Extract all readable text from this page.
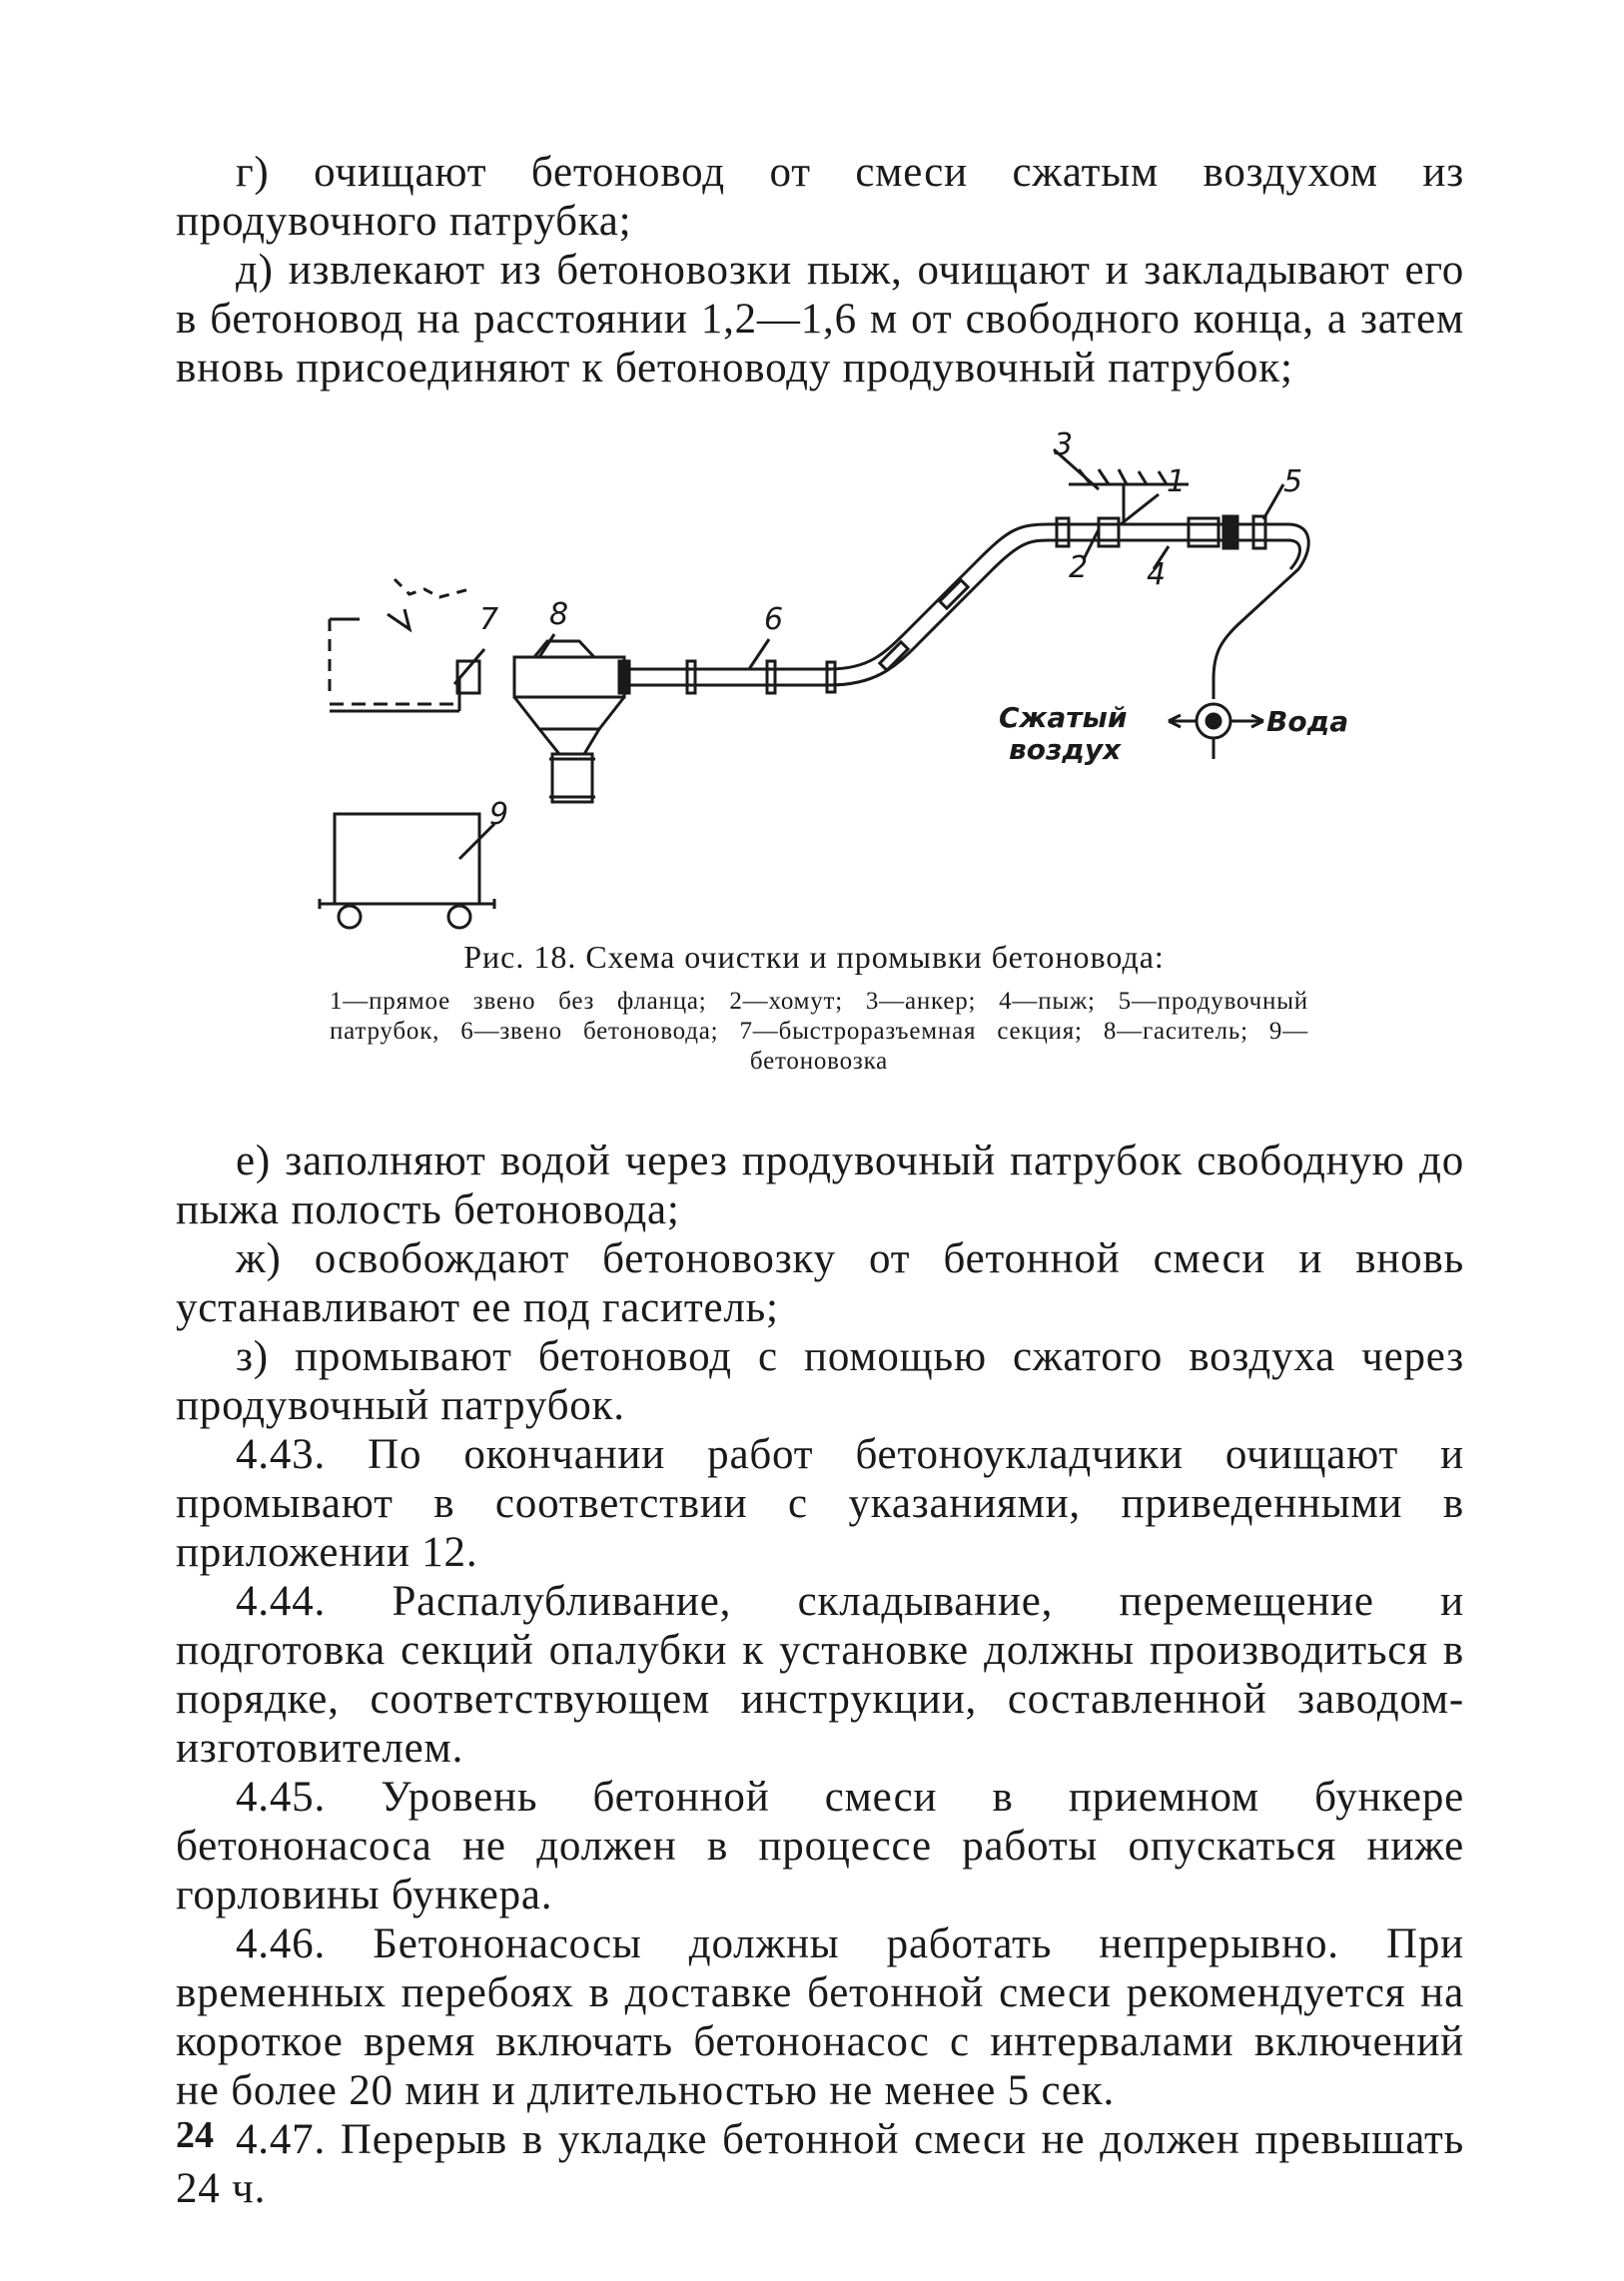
г) очищают бетоновод от смеси сжатым воздухом из продувочного патрубка;

д) извлекают из бетоновозки пыж, очищают и закладывают его в бетоновод на расстоянии 1,2—1,6 м от свободного конца, а затем вновь присоединяют к бетоноводу продувочный патрубок;

3
1	5
2 4
7 8	6
9
Сжатый
воздух
Вода
Рис. 18. Схема очистки и промывки бетоновода:
1—прямое звено без фланца; 2—хомут; 3—анкер; 4—пыж; 5—продувочный патрубок, 6—звено бетоновода; 7—быстроразъемная секция; 8—гаситель; 9—бетоновозка

е) заполняют водой через продувочный патрубок свободную до пыжа полость бетоновода;

ж) освобождают бетоновозку от бетонной смеси и вновь устанавливают ее под гаситель;

з) промывают бетоновод с помощью сжатого воздуха через продувочный патрубок.

4.43. По окончании работ бетоноукладчики очищают и промывают в соответствии с указаниями, приведенными в приложении 12.

4.44. Распалубливание, складывание, перемещение и подготовка секций опалубки к установке должны производиться в порядке, соответствующем инструкции, составленной заводом-изготовителем.

4.45. Уровень бетонной смеси в приемном бункере бетононасоса не должен в процессе работы опускаться ниже горловины бункера.

4.46. Бетононасосы должны работать непрерывно. При временных перебоях в доставке бетонной смеси рекомендуется на короткое время включать бетононасос с интервалами включений не более 20 мин и длительностью не менее 5 сек.

4.47. Перерыв в укладке бетонной смеси не должен превышать 24 ч.

24
